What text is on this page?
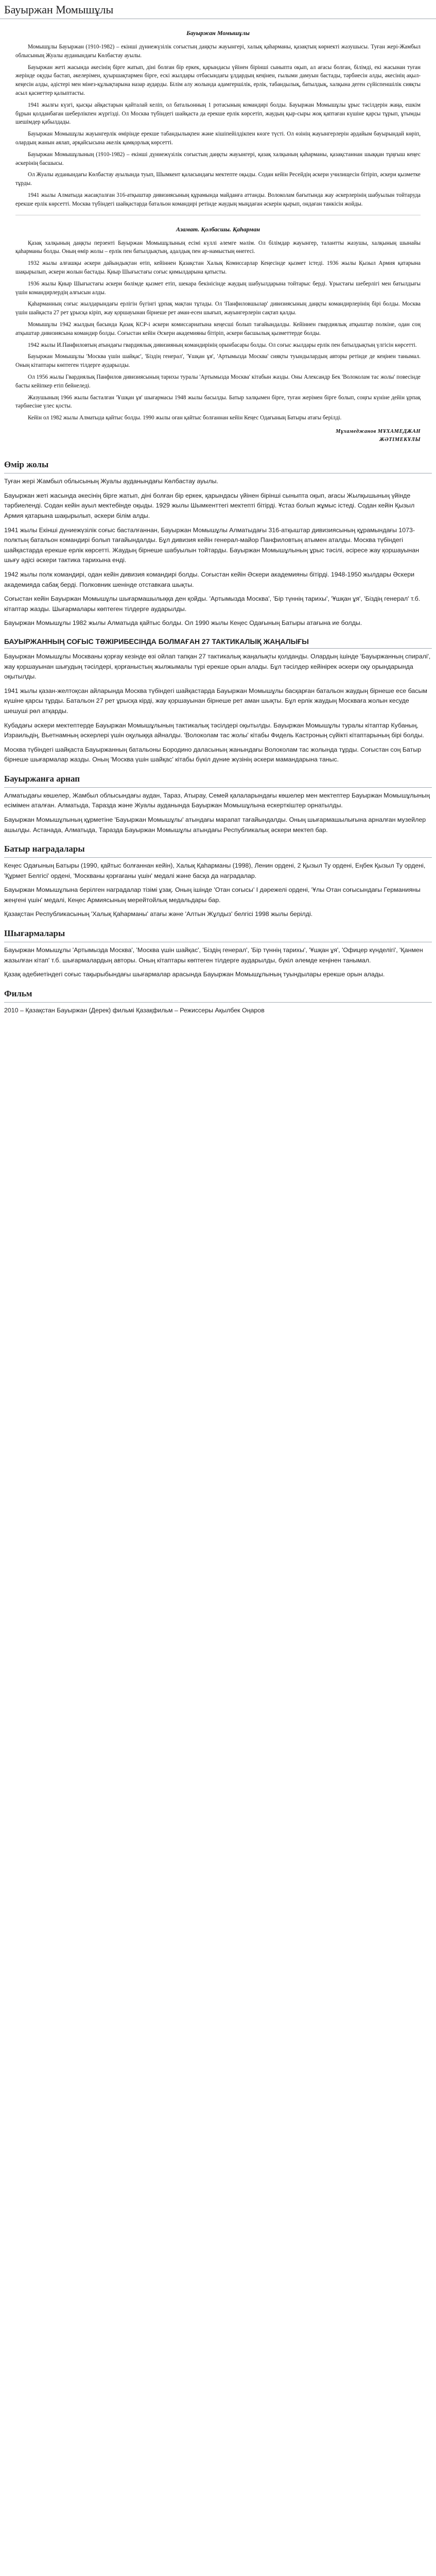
Бауыржан Момышұлы

Бауыржан Момышұлы

Момышұлы Бауыржан (1910-1982) – екінші дүниежүзілік соғыстың даңқты жауынгері, халық қаһарманы, қазақтың көрнекті жазушысы. Туған жері-Жамбыл облысының Жуалы ауданындағы Көлбастау ауылы.

Бауыржан жеті жасында әкесінің бірге жатып, діні болған бір еркек, қарындасы үйінен бірінші сыныпта оқып, ал ағасы болған, білімді, екі жасынан туған жерінде оқуды бастап, әкелерімен, қуыршақтармен бірге, ескі жылдары отбасындағы ұлдардың кеңінен, ғылыми дамуын бастады, тәрбиесін алды, әкесінің ақыл-кеңесін алды, әдістері мен мінез-құлықтарына назар аударды. Білім алу жолында адамгершілік, ерлік, табандылық, батылдық, халқына деген сүйіспеншілік сияқты асыл қасиеттер қалыптасты.

1941 жылғы күзгі, қысқы айқастарын қайталай келіп, ол батальонның 1 ротасының командирі болды. Бауыржан Момышұлы ұрыс тәсілдерін жаңа, ешкім бұрын қолданбаған шеберлікпен жүргізді. Ол Москва түбіндегі шайқаста да ерекше ерлік көрсетіп, жаудың қыр-сыры жоқ қаптаған күшіне қарсы тұрып, ұтымды шешімдер қабылдады.

Бауыржан Момышұлы жауынгерлік өмірінде ерекше табандылықпен және кішіпейілдікпен көзге түсті. Ол өзінің жауынгерлерін әрдайым бауырындай көріп, олардың жанын аялап, әрқайсысына әкелік қамқорлық көрсетті.

Бауыржан Момышұлының (1910-1982) – екінші дүниежүзілік соғыстың даңқты жауынгері, қазақ халқының қаһарманы, қазақстаннан шыққан тұңғыш кеңес әскерінің басшысы.

Ол Жуалы ауданындағы Көлбастау ауылында туып, Шымкент қаласындағы мектепте оқыды. Содан кейін Ресейдің әскери училищесін бітіріп, әскери қызметке тұрды.

1941 жылы Алматыда жасақталған 316-атқыштар дивизиясының құрамында майданға аттанды. Волоколам бағытында жау әскерлерінің шабуылын тойтаруда ерекше ерлік көрсетті. Москва түбіндегі шайқастарда батальон командирі ретінде жаудың мыңдаған әскерін қырып, ондаған танкісін жойды.

Азамат. Қолбасшы. Қаһарман

Қазақ халқының даңқты перзенті Бауыржан Момышұлының есімі күллі әлемге мәлім. Ол білімдар жауынгер, талантты жазушы, халқының шынайы қаһарманы болды. Оның өмір жолы – ерлік пен батылдықтың, адалдық пен ар-намыстың өнегесі.

1932 жылы алғашқы әскери дайындықтан өтіп, кейіннен Қазақстан Халық Комиссарлар Кеңесінде қызмет істеді. 1936 жылы Қызыл Армия қатарына шақырылып, әскери жолын бастады. Қиыр Шығыстағы соғыс қимылдарына қатысты.

1936 жылы Қиыр Шығыстағы әскери бөлімде қызмет етіп, шекара бекінісінде жаудың шабуылдарына тойтарыс берді. Ұрыстағы шеберлігі мен батылдығы үшін командирлердің алғысын алды.

Қаһарманның соғыс жылдарындағы ерлігін бүгінгі ұрпақ мақтан тұтады. Ол 'Панфиловшылар' дивизиясының даңқты командирлерінің бірі болды. Москва үшін шайқаста 27 рет ұрысқа кіріп, жау қоршауынан бірнеше рет аман-есен шығып, жауынгерлерін сақтап қалды.

Момышұлы 1942 жылдың басында Қазақ КСР-і әскери комиссариатына кеңесші болып тағайындалды. Кейіннен гвардиялық атқыштар полкіне, одан соң атқыштар дивизиясына командир болды. Соғыстан кейін Әскери академияны бітіріп, әскери басшылық қызметтерде болды.

1942 жылы И.Панфиловтың атындағы гвардиялық дивизияның командирінің орынбасары болды. Ол соғыс жылдары ерлік пен батылдықтың үлгісін көрсетті.

Бауыржан Момышұлы 'Москва үшін шайқас', 'Біздің генерал', 'Ұшқан ұя', 'Артымызда Москва' сияқты туындылардың авторы ретінде де кеңінен танымал. Оның кітаптары көптеген тілдерге аударылды.

Ол 1956 жылы Гвардиялық Панфилов дивизиясының тарихы туралы 'Артымызда Москва' кітабын жазды. Оны Александр Бек 'Волоколам тас жолы' повесінде басты кейіпкер етіп бейнеледі.

Жазушының 1966 жылы басталған 'Ұшқан ұя' шығармасы 1948 жылы басылды. Батыр халқымен бірге, туған жерімен бірге болып, соңғы күніне дейін ұрпақ тәрбиесіне үлес қосты.

Кейін ол 1982 жылы Алматыда қайтыс болды. 1990 жылы оған қайтыс болғаннан кейін Кеңес Одағының Батыры атағы берілді.

Мұхамеджанов МҰХАМЕДЖАН
ЖӘТІМЕКҰЛЫ

Өмір жолы

Туған жері Жамбыл облысының Жуалы ауданындағы Көлбастау ауылы.

Бауыржан жеті жасында әкесінің бірге жатып, діні болған бір еркек, қарындасы үйінен бірінші сыныпта оқып, ағасы Жылқышының үйінде тәрбиеленді. Содан кейін ауыл мектебінде оқыды. 1929 жылы Шымкенттегі мектепті бітірді. Ұстаз болып жұмыс істеді. Содан кейін Қызыл Армия қатарына шақырылып, әскери білім алды.

1941 жылы Екінші дүниежүзілік соғыс басталғаннан, Бауыржан Момышұлы Алматыдағы 316-атқыштар дивизиясының құрамындағы 1073-полктың батальон командирі болып тағайындалды. Бұл дивизия кейін генерал-майор Панфиловтың атымен аталды. Москва түбіндегі шайқастарда ерекше ерлік көрсетті. Жаудың бірнеше шабуылын тойтарды. Бауыржан Момышұлының ұрыс тәсілі, әсіресе жау қоршауынан шығу әдісі әскери тактика тарихына енді.

1942 жылы полк командирі, одан кейін дивизия командирі болды. Соғыстан кейін Әскери академияны бітірді. 1948-1950 жылдары Әскери академияда сабақ берді. Полковник шенінде отставкаға шықты.

Соғыстан кейін Бауыржан Момышұлы шығармашылыққа ден қойды. 'Артымызда Москва', 'Бір түннің тарихы', 'Ұшқан ұя', 'Біздің генерал' т.б. кітаптар жазды. Шығармалары көптеген тілдерге аударылды.

Бауыржан Момышұлы 1982 жылы Алматыда қайтыс болды. Ол 1990 жылы Кеңес Одағының Батыры атағына ие болды.

БАУЫРЖАННЫҢ СОҒЫС ТӘЖІРИБЕСІНДА БОЛМАҒАН 27 ТАКТИКАЛЫҚ ЖАҢАЛЫҒЫ

Бауыржан Момышұлы Москваны қорғау кезінде өзі ойлап тапқан 27 тактикалық жаңалықты қолданды. Олардың ішінде 'Бауыржанның спиралі', жау қоршауынан шығудың тәсілдері, қорғаныстың жылжымалы түрі ерекше орын алады. Бұл тәсілдер кейінірек әскери оқу орындарында оқытылды.

1941 жылы қазан-желтоқсан айларында Москва түбіндегі шайқастарда Бауыржан Момышұлы басқарған батальон жаудың бірнеше есе басым күшіне қарсы тұрды. Батальон 27 рет ұрысқа кірді, жау қоршауынан бірнеше рет аман шықты. Бұл ерлік жаудың Москваға жолын кесуде шешуші рөл атқарды.

Кубадағы әскери мектептерде Бауыржан Момышұлының тактикалық тәсілдері оқытылды. Бауыржан Момышұлы туралы кітаптар Кубаның, Израильдің, Вьетнамның әскерлері үшін оқулыққа айналды. 'Волоколам тас жолы' кітабы Фидель Кастроның сүйікті кітаптарының бірі болды.

Москва түбіндегі шайқаста Бауыржанның батальоны Бородино даласының жанындағы Волоколам тас жолында тұрды. Соғыстан соң Батыр бірнеше шығармалар жазды. Оның 'Москва үшін шайқас' кітабы бүкіл дүние жүзінің әскери мамандарына таныс.

Бауыржанға арнап

Алматыдағы көшелер, Жамбыл облысындағы аудан, Тараз, Атырау, Семей қалаларындағы көшелер мен мектептер Бауыржан Момышұлының есімімен аталған. Алматыда, Таразда және Жуалы ауданында Бауыржан Момышұлына ескерткіштер орнатылды.

Бауыржан Момышұлының құрметіне 'Бауыржан Момышұлы' атындағы марапат тағайындалды. Оның шығармашылығына арналған музейлер ашылды. Астанада, Алматыда, Таразда Бауыржан Момышұлы атындағы Республикалық әскери мектеп бар.

Батыр наградалары

Кеңес Одағының Батыры (1990, қайтыс болғаннан кейін), Халық Қаһарманы (1998), Ленин ордені, 2 Қызыл Ту ордені, Еңбек Қызыл Ту ордені, 'Құрмет Белгісі' ордені, 'Москваны қорғағаны үшін' медалі және басқа да наградалар.

Бауыржан Момышұлына берілген наградалар тізімі ұзақ. Оның ішінде 'Отан соғысы' І дәрежелі ордені, 'Ұлы Отан соғысындағы Германияны жеңгені үшін' медалі, Кеңес Армиясының мерейтойлық медальдары бар.

Қазақстан Республикасының 'Халық Қаһарманы' атағы және 'Алтын Жұлдыз' белгісі 1998 жылы берілді.

Шығармалары

Бауыржан Момышұлы 'Артымызда Москва', 'Москва үшін шайқас', 'Біздің генерал', 'Бір түннің тарихы', 'Ұшқан ұя', 'Офицер күнделігі', 'Қанмен жазылған кітап' т.б. шығармалардың авторы. Оның кітаптары көптеген тілдерге аударылды, бүкіл әлемде кеңінен танымал.

Қазақ әдебиетіндегі соғыс тақырыбындағы шығармалар арасында Бауыржан Момышұлының туындылары ерекше орын алады.

Фильм

2010 – Қазақстан Бауыржан (Дерек) фильмі Қазақфильм – Режиссеры Ақылбек Оңаров
